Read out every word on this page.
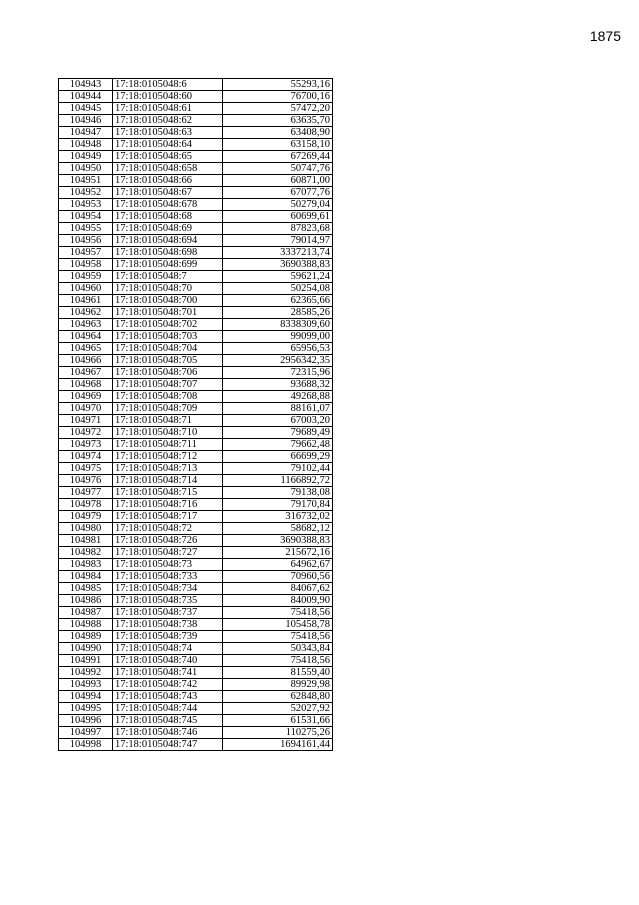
1875
104943	17:18:0105048:6	55293,16
104944	17:18:0105048:60	76700,16
104945	17:18:0105048:61	57472,20
104946	17:18:0105048:62	63635,70
104947	17:18:0105048:63	63408,90
104948	17:18:0105048:64	63158,10
104949	17:18:0105048:65	67269,44
104950	17:18:0105048:658	50747,76
104951	17:18:0105048:66	60871,00
104952	17:18:0105048:67	67077,76
104953	17:18:0105048:678	50279,04
104954	17:18:0105048:68	60699,61
104955	17:18:0105048:69	87823,68
104956	17:18:0105048:694	79014,97
104957	17:18:0105048:698	3337213,74
104958	17:18:0105048:699	3690388,83
104959	17:18:0105048:7	59621,24
104960	17:18:0105048:70	50254,08
104961	17:18:0105048:700	62365,66
104962	17:18:0105048:701	28585,26
104963	17:18:0105048:702	8338309,60
104964	17:18:0105048:703	99099,00
104965	17:18:0105048:704	65956,53
104966	17:18:0105048:705	2956342,35
104967	17:18:0105048:706	72315,96
104968	17:18:0105048:707	93688,32
104969	17:18:0105048:708	49268,88
104970	17:18:0105048:709	88161,07
104971	17:18:0105048:71	67003,20
104972	17:18:0105048:710	79689,49
104973	17:18:0105048:711	79662,48
104974	17:18:0105048:712	66699,29
104975	17:18:0105048:713	79102,44
104976	17:18:0105048:714	1166892,72
104977	17:18:0105048:715	79138,08
104978	17:18:0105048:716	79170,84
104979	17:18:0105048:717	316732,02
104980	17:18:0105048:72	58682,12
104981	17:18:0105048:726	3690388,83
104982	17:18:0105048:727	215672,16
104983	17:18:0105048:73	64962,67
104984	17:18:0105048:733	70960,56
104985	17:18:0105048:734	84067,62
104986	17:18:0105048:735	84009,90
104987	17:18:0105048:737	75418,56
104988	17:18:0105048:738	105458,78
104989	17:18:0105048:739	75418,56
104990	17:18:0105048:74	50343,84
104991	17:18:0105048:740	75418,56
104992	17:18:0105048:741	81559,40
104993	17:18:0105048:742	89929,98
104994	17:18:0105048:743	62848,80
104995	17:18:0105048:744	52027,92
104996	17:18:0105048:745	61531,66
104997	17:18:0105048:746	110275,26
104998	17:18:0105048:747	1694161,44
